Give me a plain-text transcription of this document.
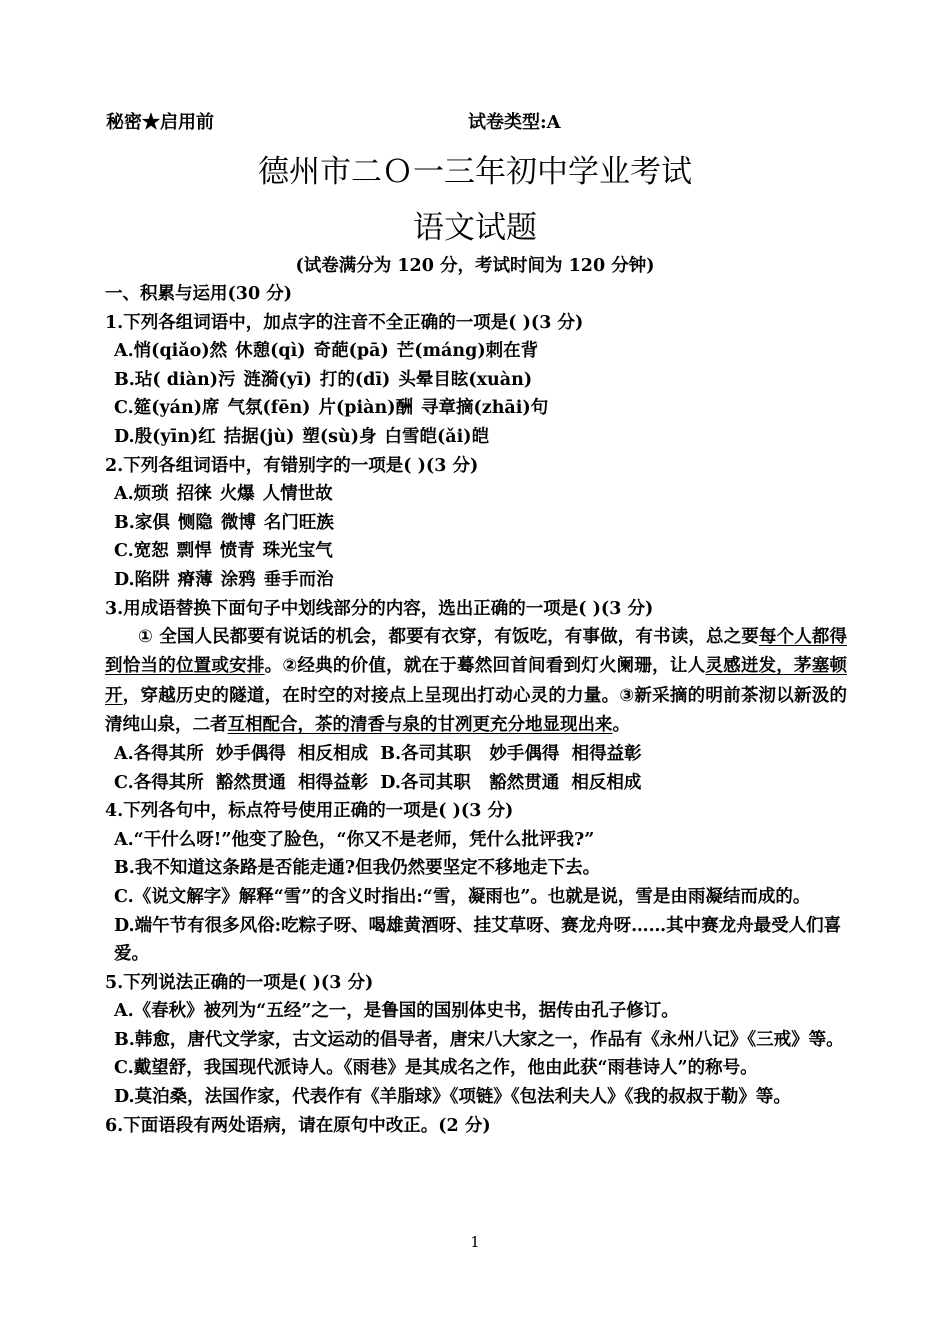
秘密★启用前	试卷类型:A
德州市二Ｏ一三年初中学业考试
语文试题
(试卷满分为 120 分，考试时间为 120 分钟)

一、积累与运用(30 分)

1.下列各组词语中，加点字的注音不全正确的一项是( )(3 分)

A.悄(qiǎo)然 休憩(qì) 奇葩(pā) 芒(máng)刺在背

B.玷( diàn)污 涟漪(yī) 打的(dī) 头晕目眩(xuàn)

C.筵(yán)席 气氛(fēn) 片(piàn)酬 寻章摘(zhāi)句

D.殷(yīn)红 拮据(jù) 塑(sù)身 白雪皑(ǎi)皑

2.下列各组词语中，有错别字的一项是( )(3 分)

A.烦琐 招徕 火爆 人情世故

B.家俱 恻隐 微博 名门旺族

C.宽恕 剽悍 愤青 珠光宝气

D.陷阱 瘠薄 涂鸦 垂手而治

3.用成语替换下面句子中划线部分的内容，选出正确的一项是( )(3 分)

① 全国人民都要有说话的机会，都要有衣穿，有饭吃，有事做，有书读，总之要每个人都得到恰当的位置或安排。②经典的价值，就在于蓦然回首间看到灯火阑珊，让人灵感迸发，茅塞顿开，穿越历史的隧道，在时空的对接点上呈现出打动心灵的力量。③新采摘的明前茶沏以新汲的清纯山泉，二者互相配合，茶的清香与泉的甘冽更充分地显现出来。

A.各得其所  妙手偶得  相反相成  B.各司其职   妙手偶得  相得益彰

C.各得其所  豁然贯通  相得益彰  D.各司其职   豁然贯通  相反相成

4.下列各句中，标点符号使用正确的一项是( )(3 分)

A.“干什么呀!”他变了脸色，“你又不是老师，凭什么批评我?”

B.我不知道这条路是否能走通?但我仍然要坚定不移地走下去。

C.《说文解字》解释“雪”的含义时指出:“雪，凝雨也”。也就是说，雪是由雨凝结而成的。

D.端午节有很多风俗:吃粽子呀、喝雄黄酒呀、挂艾草呀、赛龙舟呀……其中赛龙舟最受人们喜爱。

5.下列说法正确的一项是( )(3 分)

A.《春秋》被列为“五经”之一，是鲁国的国别体史书，据传由孔子修订。

B.韩愈，唐代文学家，古文运动的倡导者，唐宋八大家之一，作品有《永州八记》《三戒》等。

C.戴望舒，我国现代派诗人。《雨巷》是其成名之作，他由此获“雨巷诗人”的称号。

D.莫泊桑，法国作家，代表作有《羊脂球》《项链》《包法利夫人》《我的叔叔于勒》等。

6.下面语段有两处语病，请在原句中改正。(2 分)

1
